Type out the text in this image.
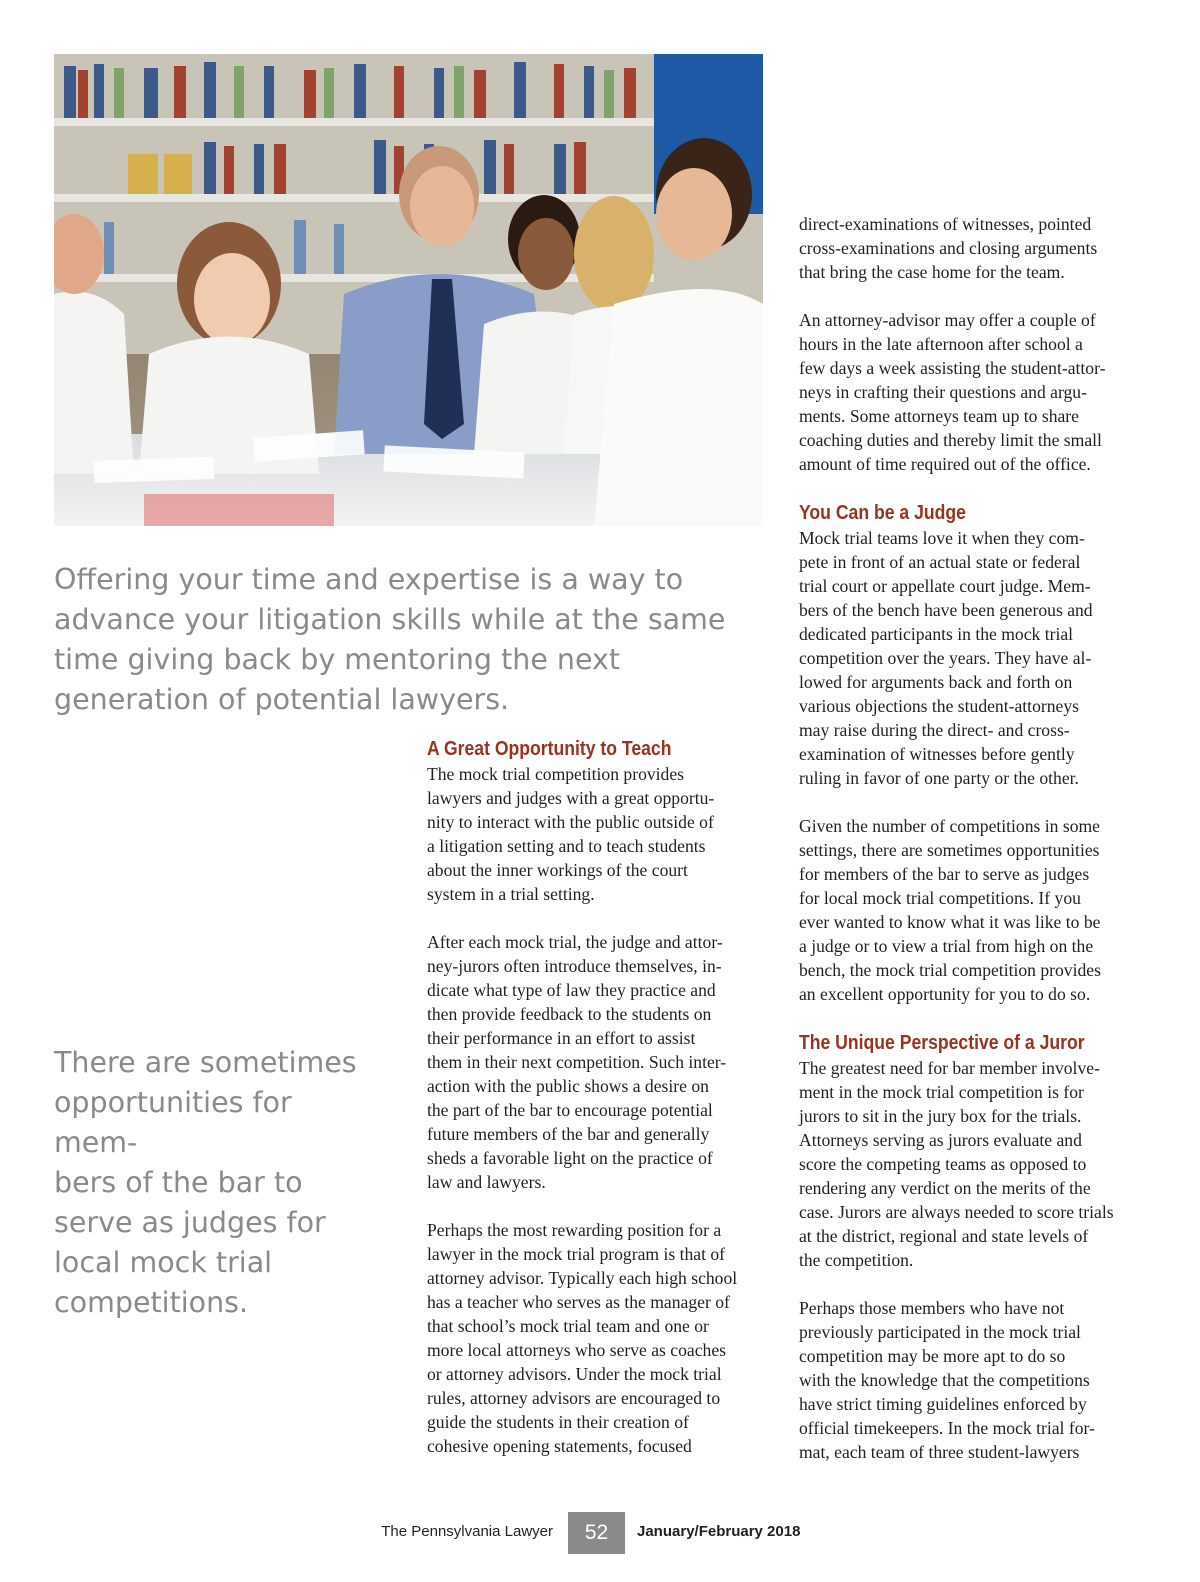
Offering your time and expertise is a way to advance your litigation skills while at the same time giving back by mentoring the next generation of potential lawyers.

There are sometimes opportunities for mem-
bers of the bar to serve as judges for local mock trial competitions.

A Great Opportunity to Teach

The mock trial competition provides
lawyers and judges with a great opportu-
nity to interact with the public outside of
a litigation setting and to teach students
about the inner workings of the court
system in a trial setting.

After each mock trial, the judge and attor-
ney-jurors often introduce themselves, in-
dicate what type of law they practice and
then provide feedback to the students on
their performance in an effort to assist
them in their next competition. Such inter-
action with the public shows a desire on
the part of the bar to encourage potential
future members of the bar and generally
sheds a favorable light on the practice of
law and lawyers.

Perhaps the most rewarding position for a
lawyer in the mock trial program is that of
attorney advisor. Typically each high school
has a teacher who serves as the manager of
that school’s mock trial team and one or
more local attorneys who serve as coaches
or attorney advisors. Under the mock trial
rules, attorney advisors are encouraged to
guide the students in their creation of
cohesive opening statements, focused

direct-examinations of witnesses, pointed
cross-examinations and closing arguments
that bring the case home for the team.

An attorney-advisor may offer a couple of
hours in the late afternoon after school a
few days a week assisting the student-attor-
neys in crafting their questions and argu-
ments. Some attorneys team up to share
coaching duties and thereby limit the small
amount of time required out of the office.

You Can be a Judge

Mock trial teams love it when they com-
pete in front of an actual state or federal
trial court or appellate court judge. Mem-
bers of the bench have been generous and
dedicated participants in the mock trial
competition over the years. They have al-
lowed for arguments back and forth on
various objections the student-attorneys
may raise during the direct- and cross-
examination of witnesses before gently
ruling in favor of one party or the other.

Given the number of competitions in some
settings, there are sometimes opportunities
for members of the bar to serve as judges
for local mock trial competitions. If you
ever wanted to know what it was like to be
a judge or to view a trial from high on the
bench, the mock trial competition provides
an excellent opportunity for you to do so.

The Unique Perspective of a Juror

The greatest need for bar member involve-
ment in the mock trial competition is for
jurors to sit in the jury box for the trials.
Attorneys serving as jurors evaluate and
score the competing teams as opposed to
rendering any verdict on the merits of the
case. Jurors are always needed to score trials
at the district, regional and state levels of
the competition.

Perhaps those members who have not
previously participated in the mock trial
competition may be more apt to do so
with the knowledge that the competitions
have strict timing guidelines enforced by
official timekeepers. In the mock trial for-
mat, each team of three student-lawyers

The Pennsylvania Lawyer	52	January/February 2018
